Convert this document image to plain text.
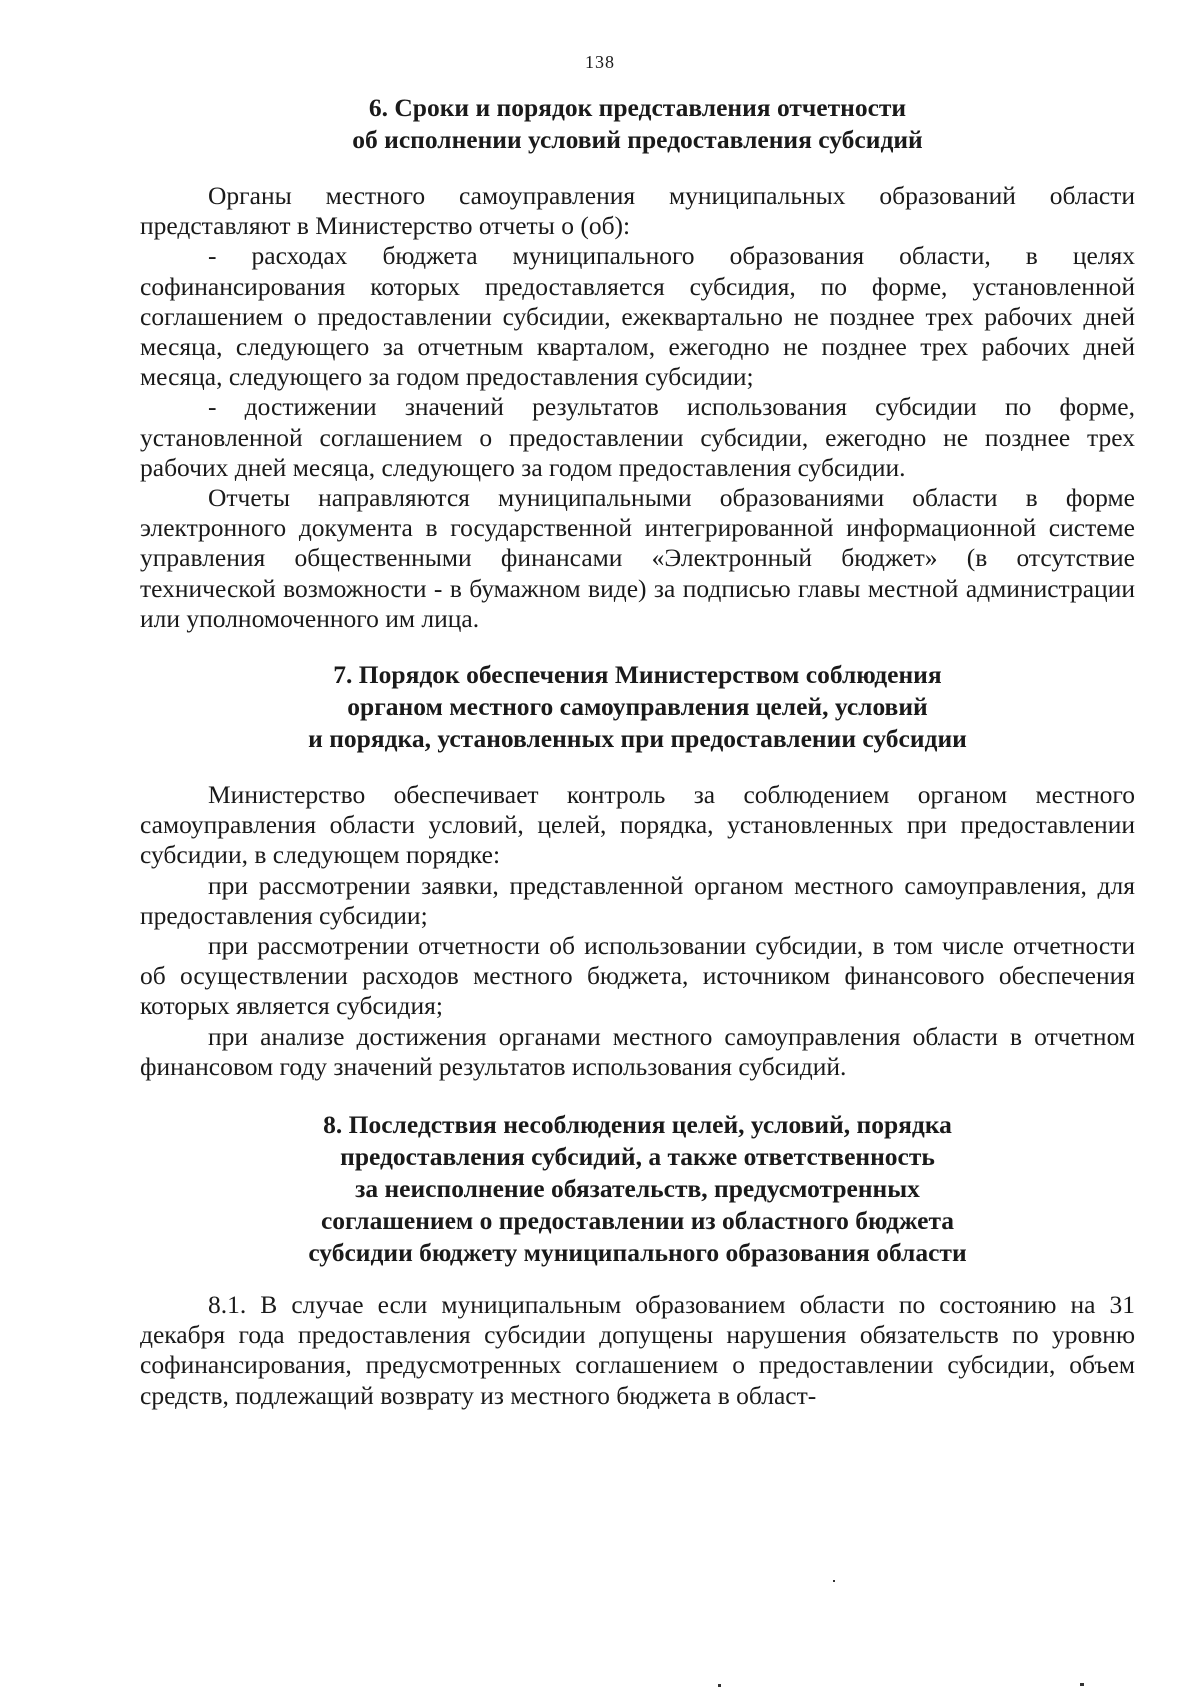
138
6. Сроки и порядок представления отчетности
об исполнении условий предоставления субсидий

Органы местного самоуправления муниципальных образований области представляют в Министерство отчеты о (об):

- расходах бюджета муниципального образования области, в целях софинансирования которых предоставляется субсидия, по форме, установленной соглашением о предоставлении субсидии, ежеквартально не позднее трех рабочих дней месяца, следующего за отчетным кварталом, ежегодно не позднее трех рабочих дней месяца, следующего за годом предоставления субсидии;

- достижении значений результатов использования субсидии по форме, установленной соглашением о предоставлении субсидии, ежегодно не позднее трех рабочих дней месяца, следующего за годом предоставления субсидии.

Отчеты направляются муниципальными образованиями области в форме электронного документа в государственной интегрированной информационной системе управления общественными финансами «Электронный бюджет» (в отсутствие технической возможности - в бумажном виде) за подписью главы местной администрации или уполномоченного им лица.

7. Порядок обеспечения Министерством соблюдения
органом местного самоуправления целей, условий
и порядка, установленных при предоставлении субсидии

Министерство обеспечивает контроль за соблюдением органом местного самоуправления области условий, целей, порядка, установленных при предоставлении субсидии, в следующем порядке:

при рассмотрении заявки, представленной органом местного самоуправления, для предоставления субсидии;

при рассмотрении отчетности об использовании субсидии, в том числе отчетности об осуществлении расходов местного бюджета, источником финансового обеспечения которых является субсидия;

при анализе достижения органами местного самоуправления области в отчетном финансовом году значений результатов использования субсидий.

8. Последствия несоблюдения целей, условий, порядка
предоставления субсидий, а также ответственность
за неисполнение обязательств, предусмотренных
соглашением о предоставлении из областного бюджета
субсидии бюджету муниципального образования области

8.1. В случае если муниципальным образованием области по состоянию на 31 декабря года предоставления субсидии допущены нарушения обязательств по уровню софинансирования, предусмотренных соглашением о предоставлении субсидии, объем средств, подлежащий возврату из местного бюджета в област-
